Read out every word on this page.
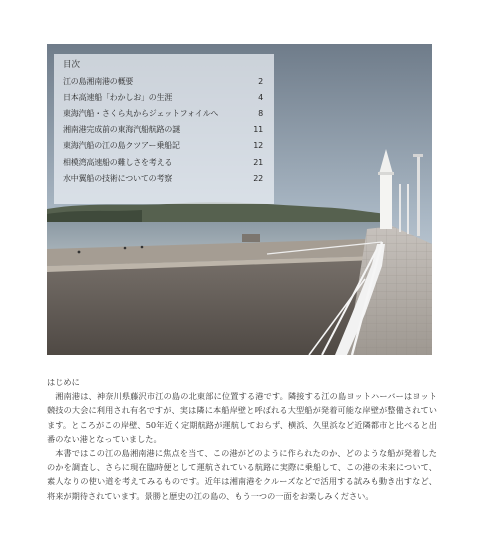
目次
江の島湘南港の概要	2
日本高速船「わかしお」の生涯	4
東海汽船・さくら丸からジェットフォイルへ	8
湘南港完成前の東海汽船航路の謎	11
東海汽船の江の島クツアー乗船記	12
相模湾高速船の難しさを考える	21
水中翼船の技術についての考察	22

はじめに

湘南港は、神奈川県藤沢市江の島の北東部に位置する港です。隣接する江の島ヨットハーバーはヨット競技の大会に利用され有名ですが、実は隣に本船岸壁と呼ばれる大型船が発着可能な岸壁が整備されています。ところがこの岸壁、50年近く定期航路が運航しておらず、横浜、久里浜など近隣都市と比べると出番のない港となっていました。

本書ではこの江の島湘南港に焦点を当て、この港がどのように作られたのか、どのような船が発着したのかを調査し、さらに現在臨時便として運航されている航路に実際に乗船して、この港の未来について、素人なりの使い道を考えてみるものです。近年は湘南港をクルーズなどで活用する試みも動き出すなど、将来が期待されています。景勝と歴史の江の島の、もう一つの一面をお楽しみください。
